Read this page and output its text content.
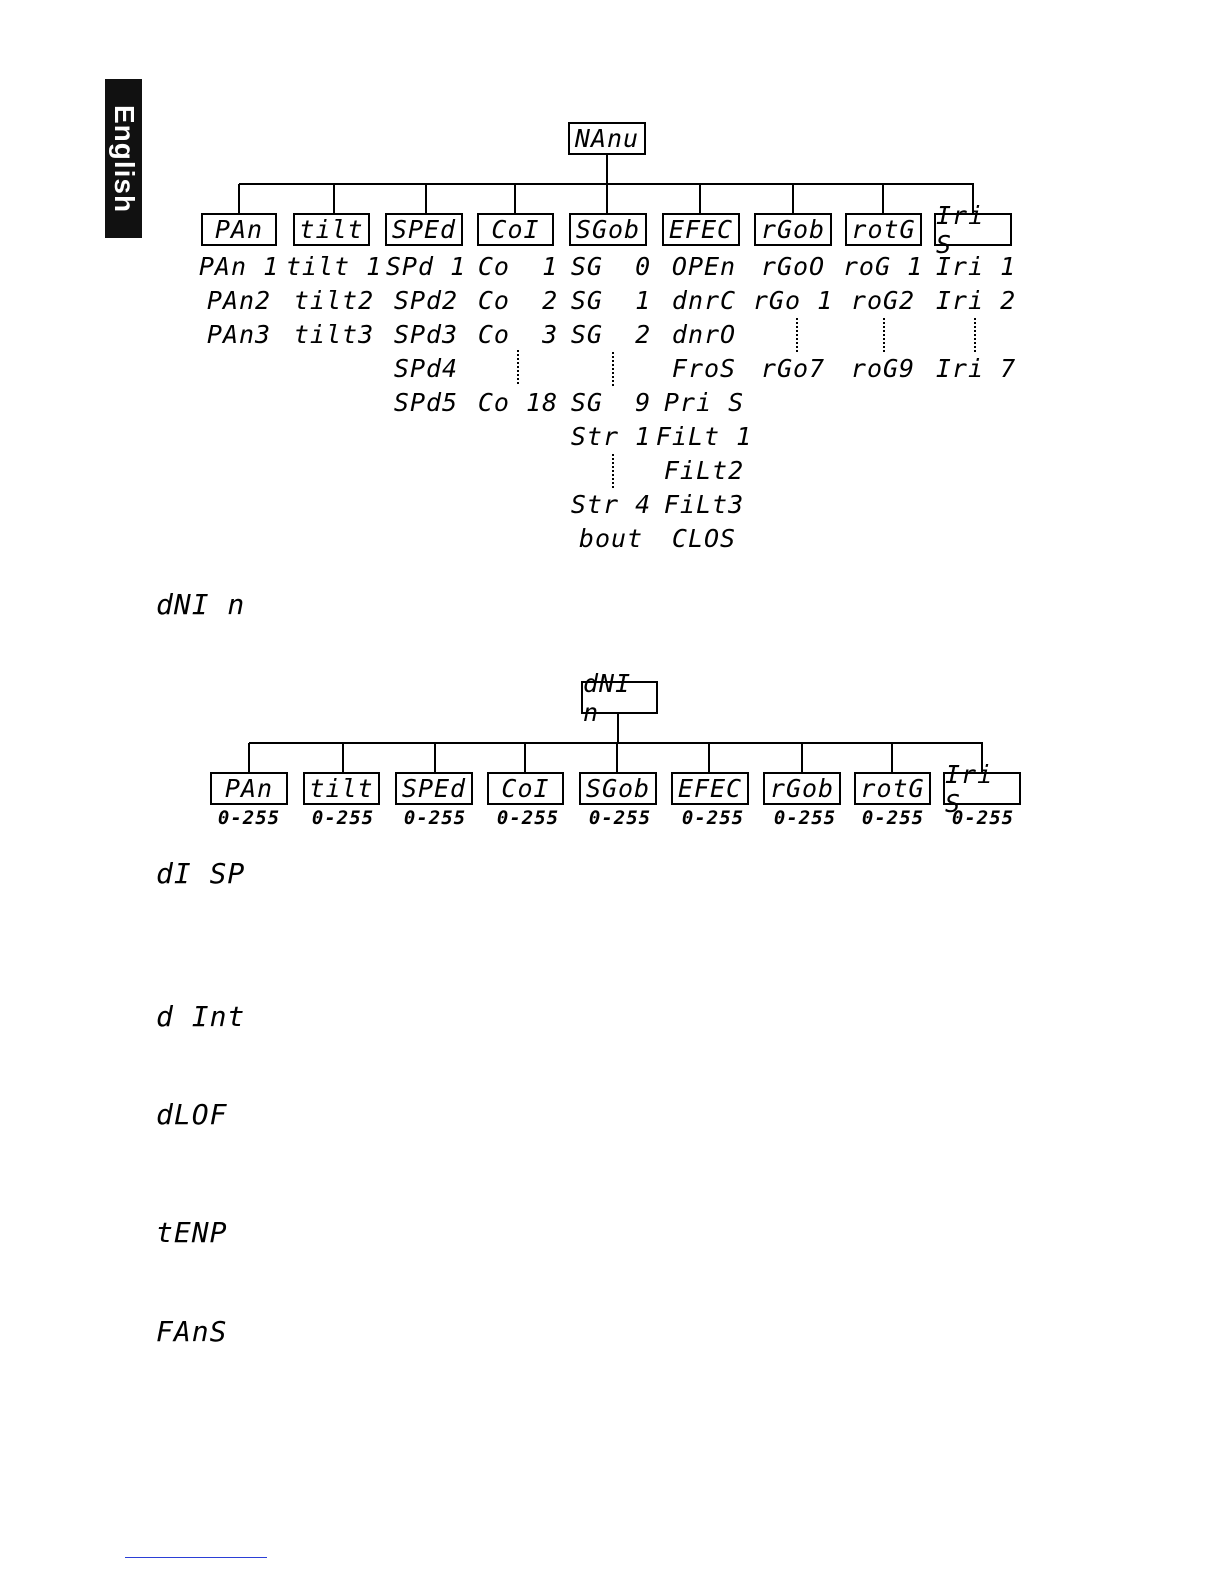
English	NAnu
PAn tilt SPEd CoI SGob EFEC rGob rotG Iri S
PAn 1
PAn2
PAn3
tilt 1
tilt2
tilt3
SPd 1
SPd2
SPd3
SPd4
SPd5
Co  1
Co  2
Co  3
Co 18
SG  0
SG  1
SG  2
SG  9
Str 1
Str 4
bout
OPEn
dnrC
dnrO
FroS
Pri S
FiLt 1
FiLt2
FiLt3
CLOS
rGoO
rGo 1
rGo7
roG 1
roG2
roG9
Iri 1
Iri 2
Iri 7
dNI n
dNI n
PAn tilt SPEd CoI SGob EFEC rGob rotG Iri S
0-255 0-255 0-255 0-255 0-255 0-255 0-255 0-255 0-255
dI SP
d Int
dLOF
tENP
FAnS
